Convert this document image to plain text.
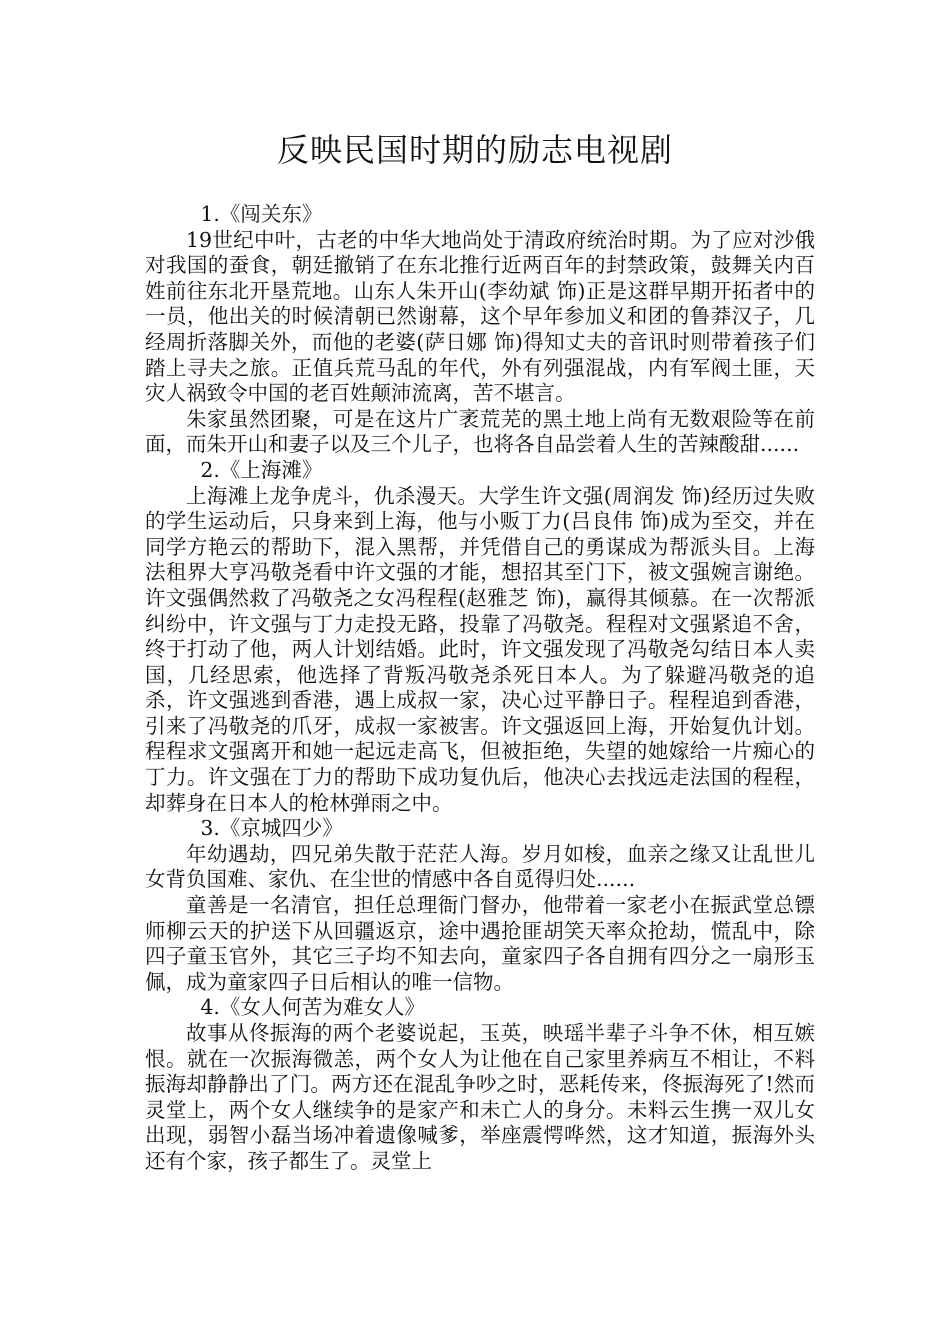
反映民国时期的励志电视剧

1.《闯关东》

19世纪中叶，古老的中华大地尚处于清政府统治时期。为了应对沙俄对我国的蚕食，朝廷撤销了在东北推行近两百年的封禁政策，鼓舞关内百姓前往东北开垦荒地。山东人朱开山(李幼斌 饰)正是这群早期开拓者中的一员，他出关的时候清朝已然谢幕，这个早年参加义和团的鲁莽汉子，几经周折落脚关外，而他的老婆(萨日娜 饰)得知丈夫的音讯时则带着孩子们踏上寻夫之旅。正值兵荒马乱的年代，外有列强混战，内有军阀土匪，天灾人祸致令中国的老百姓颠沛流离，苦不堪言。

朱家虽然团聚，可是在这片广袤荒芜的黑土地上尚有无数艰险等在前面，而朱开山和妻子以及三个儿子，也将各自品尝着人生的苦辣酸甜......

2.《上海滩》

上海滩上龙争虎斗，仇杀漫天。大学生许文强(周润发 饰)经历过失败的学生运动后，只身来到上海，他与小贩丁力(吕良伟 饰)成为至交，并在同学方艳云的帮助下，混入黑帮，并凭借自己的勇谋成为帮派头目。上海法租界大亨冯敬尧看中许文强的才能，想招其至门下，被文强婉言谢绝。许文强偶然救了冯敬尧之女冯程程(赵雅芝 饰)，赢得其倾慕。在一次帮派纠纷中，许文强与丁力走投无路，投靠了冯敬尧。程程对文强紧追不舍，终于打动了他，两人计划结婚。此时，许文强发现了冯敬尧勾结日本人卖国，几经思索，他选择了背叛冯敬尧杀死日本人。为了躲避冯敬尧的追杀，许文强逃到香港，遇上成叔一家，决心过平静日子。程程追到香港，引来了冯敬尧的爪牙，成叔一家被害。许文强返回上海，开始复仇计划。程程求文强离开和她一起远走高飞，但被拒绝，失望的她嫁给一片痴心的丁力。许文强在丁力的帮助下成功复仇后，他决心去找远走法国的程程，却葬身在日本人的枪林弹雨之中。

3.《京城四少》

年幼遇劫，四兄弟失散于茫茫人海。岁月如梭，血亲之缘又让乱世儿女背负国难、家仇、在尘世的情感中各自觅得归处......

童善是一名清官，担任总理衙门督办，他带着一家老小在振武堂总镖师柳云天的护送下从回疆返京，途中遇抢匪胡笑天率众抢劫，慌乱中，除四子童玉官外，其它三子均不知去向，童家四子各自拥有四分之一扇形玉佩，成为童家四子日后相认的唯一信物。

4.《女人何苦为难女人》

故事从佟振海的两个老婆说起，玉英，映瑶半辈子斗争不休，相互嫉恨。就在一次振海微恙，两个女人为让他在自己家里养病互不相让，不料振海却静静出了门。两方还在混乱争吵之时，恶耗传来，佟振海死了!然而灵堂上，两个女人继续争的是家产和未亡人的身分。未料云生携一双儿女出现，弱智小磊当场冲着遗像喊爹，举座震愕哗然，这才知道，振海外头还有个家，孩子都生了。灵堂上
